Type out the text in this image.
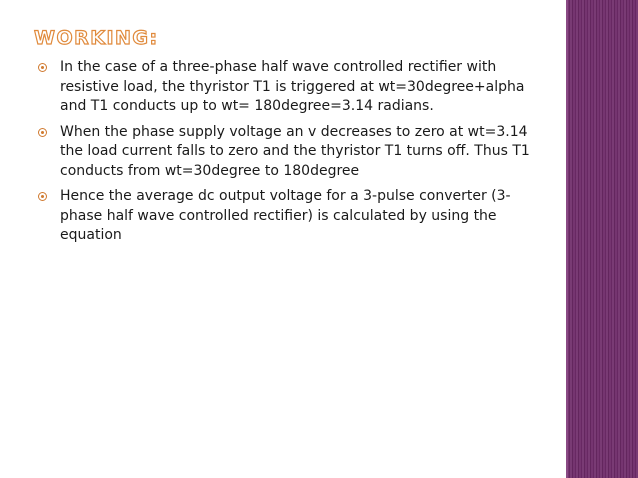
WORKING:
In the case of a three-phase half wave controlled rectifier with resistive load, the thyristor T1 is triggered at wt=30degree+alpha and T1 conducts up to wt= 180degree=3.14 radians.
When the phase supply voltage an v decreases to zero at wt=3.14 the load current falls to zero and the thyristor T1 turns off. Thus T1 conducts from wt=30degree to 180degree
Hence the average dc output voltage for a 3-pulse converter (3-phase half wave controlled rectifier) is calculated by using the equation
